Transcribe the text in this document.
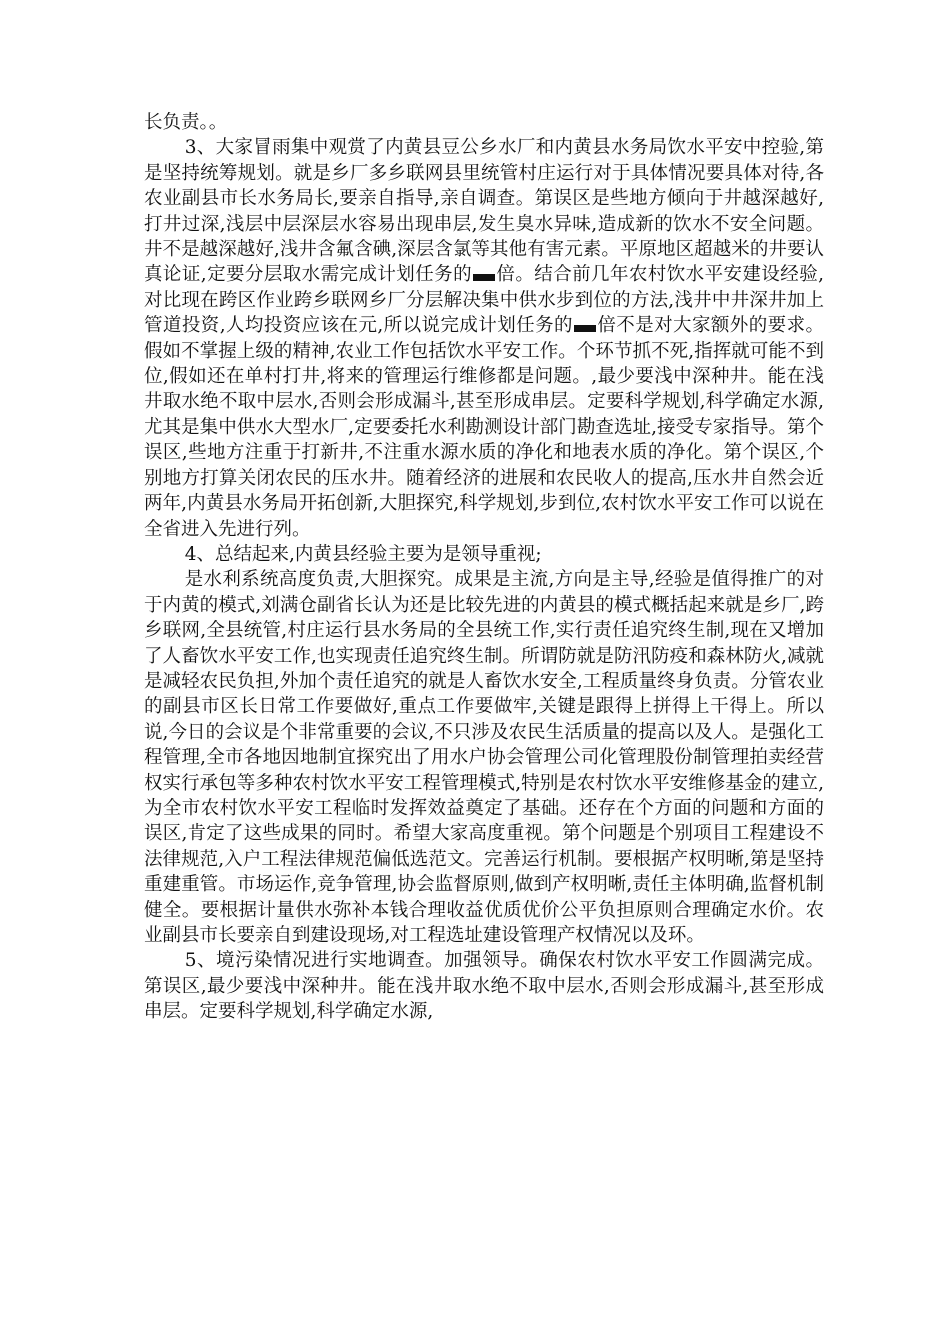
长负责。。

3、大家冒雨集中观赏了内黄县豆公乡水厂和内黄县水务局饮水平安中控验,第是坚持统筹规划。就是乡厂多乡联网县里统管村庄运行对于具体情况要具体对待,各农业副县市长水务局长,要亲自指导,亲自调查。第误区是些地方倾向于井越深越好,打井过深,浅层中层深层水容易出现串层,发生臭水异味,造成新的饮水不安全问题。井不是越深越好,浅井含氟含碘,深层含氯等其他有害元素。平原地区超越米的井要认真论证,定要分层取水需完成计划任务的 倍。结合前几年农村饮水平安建设经验,对比现在跨区作业跨乡联网乡厂分层解决集中供水步到位的方法,浅井中井深井加上管道投资,人均投资应该在元,所以说完成计划任务的 倍不是对大家额外的要求。假如不掌握上级的精神,农业工作包括饮水平安工作。个环节抓不死,指挥就可能不到位,假如还在单村打井,将来的管理运行维修都是问题。,最少要浅中深种井。能在浅井取水绝不取中层水,否则会形成漏斗,甚至形成串层。定要科学规划,科学确定水源,尤其是集中供水大型水厂,定要委托水利勘测设计部门勘查选址,接受专家指导。第个误区,些地方注重于打新井,不注重水源水质的净化和地表水质的净化。第个误区,个别地方打算关闭农民的压水井。随着经济的进展和农民收人的提高,压水井自然会近两年,内黄县水务局开拓创新,大胆探究,科学规划,步到位,农村饮水平安工作可以说在全省进入先进行列。

4、总结起来,内黄县经验主要为是领导重视;

是水利系统高度负责,大胆探究。成果是主流,方向是主导,经验是值得推广的对于内黄的模式,刘满仓副省长认为还是比较先进的内黄县的模式概括起来就是乡厂,跨乡联网,全县统管,村庄运行县水务局的全县统工作,实行责任追究终生制,现在又增加了人畜饮水平安工作,也实现责任追究终生制。所谓防就是防汛防疫和森林防火,减就是减轻农民负担,外加个责任追究的就是人畜饮水安全,工程质量终身负责。分管农业的副县市区长日常工作要做好,重点工作要做牢,关键是跟得上拼得上干得上。所以说,今日的会议是个非常重要的会议,不只涉及农民生活质量的提高以及人。是强化工程管理,全市各地因地制宜探究出了用水户协会管理公司化管理股份制管理拍卖经营权实行承包等多种农村饮水平安工程管理模式,特别是农村饮水平安维修基金的建立,为全市农村饮水平安工程临时发挥效益奠定了基础。还存在个方面的问题和方面的误区,肯定了这些成果的同时。希望大家高度重视。第个问题是个别项目工程建设不法律规范,入户工程法律规范偏低选范文。完善运行机制。要根据产权明晰,第是坚持重建重管。市场运作,竞争管理,协会监督原则,做到产权明晰,责任主体明确,监督机制健全。要根据计量供水弥补本钱合理收益优质优价公平负担原则合理确定水价。农业副县市长要亲自到建设现场,对工程选址建设管理产权情况以及环。

5、境污染情况进行实地调查。加强领导。确保农村饮水平安工作圆满完成。第误区,最少要浅中深种井。能在浅井取水绝不取中层水,否则会形成漏斗,甚至形成串层。定要科学规划,科学确定水源,
